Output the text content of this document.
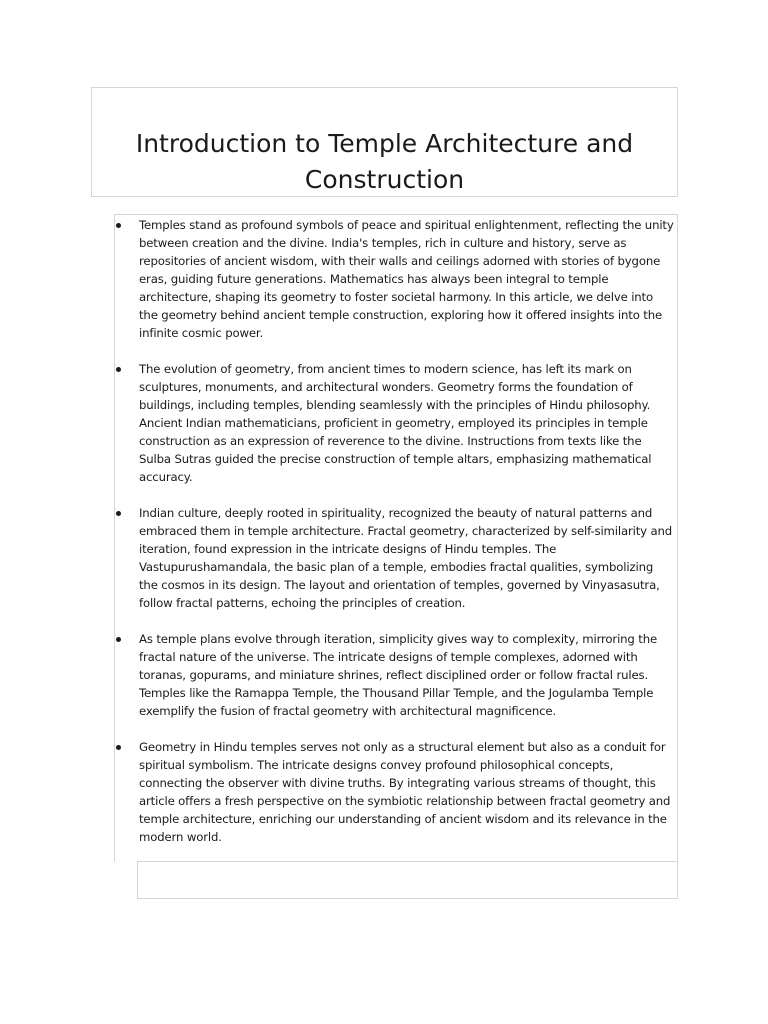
Introduction to Temple Architecture and Construction
Temples stand as profound symbols of peace and spiritual enlightenment, reflecting the unity between creation and the divine. India's temples, rich in culture and history, serve as repositories of ancient wisdom, with their walls and ceilings adorned with stories of bygone eras, guiding future generations. Mathematics has always been integral to temple architecture, shaping its geometry to foster societal harmony. In this article, we delve into the geometry behind ancient temple construction, exploring how it offered insights into the infinite cosmic power.
The evolution of geometry, from ancient times to modern science, has left its mark on sculptures, monuments, and architectural wonders. Geometry forms the foundation of buildings, including temples, blending seamlessly with the principles of Hindu philosophy. Ancient Indian mathematicians, proficient in geometry, employed its principles in temple construction as an expression of reverence to the divine. Instructions from texts like the Sulba Sutras guided the precise construction of temple altars, emphasizing mathematical accuracy.
Indian culture, deeply rooted in spirituality, recognized the beauty of natural patterns and embraced them in temple architecture. Fractal geometry, characterized by self-similarity and iteration, found expression in the intricate designs of Hindu temples. The Vastupurushamandala, the basic plan of a temple, embodies fractal qualities, symbolizing the cosmos in its design. The layout and orientation of temples, governed by Vinyasasutra, follow fractal patterns, echoing the principles of creation.
As temple plans evolve through iteration, simplicity gives way to complexity, mirroring the fractal nature of the universe. The intricate designs of temple complexes, adorned with toranas, gopurams, and miniature shrines, reflect disciplined order or follow fractal rules. Temples like the Ramappa Temple, the Thousand Pillar Temple, and the Jogulamba Temple exemplify the fusion of fractal geometry with architectural magnificence.
Geometry in Hindu temples serves not only as a structural element but also as a conduit for spiritual symbolism. The intricate designs convey profound philosophical concepts, connecting the observer with divine truths. By integrating various streams of thought, this article offers a fresh perspective on the symbiotic relationship between fractal geometry and temple architecture, enriching our understanding of ancient wisdom and its relevance in the modern world.
